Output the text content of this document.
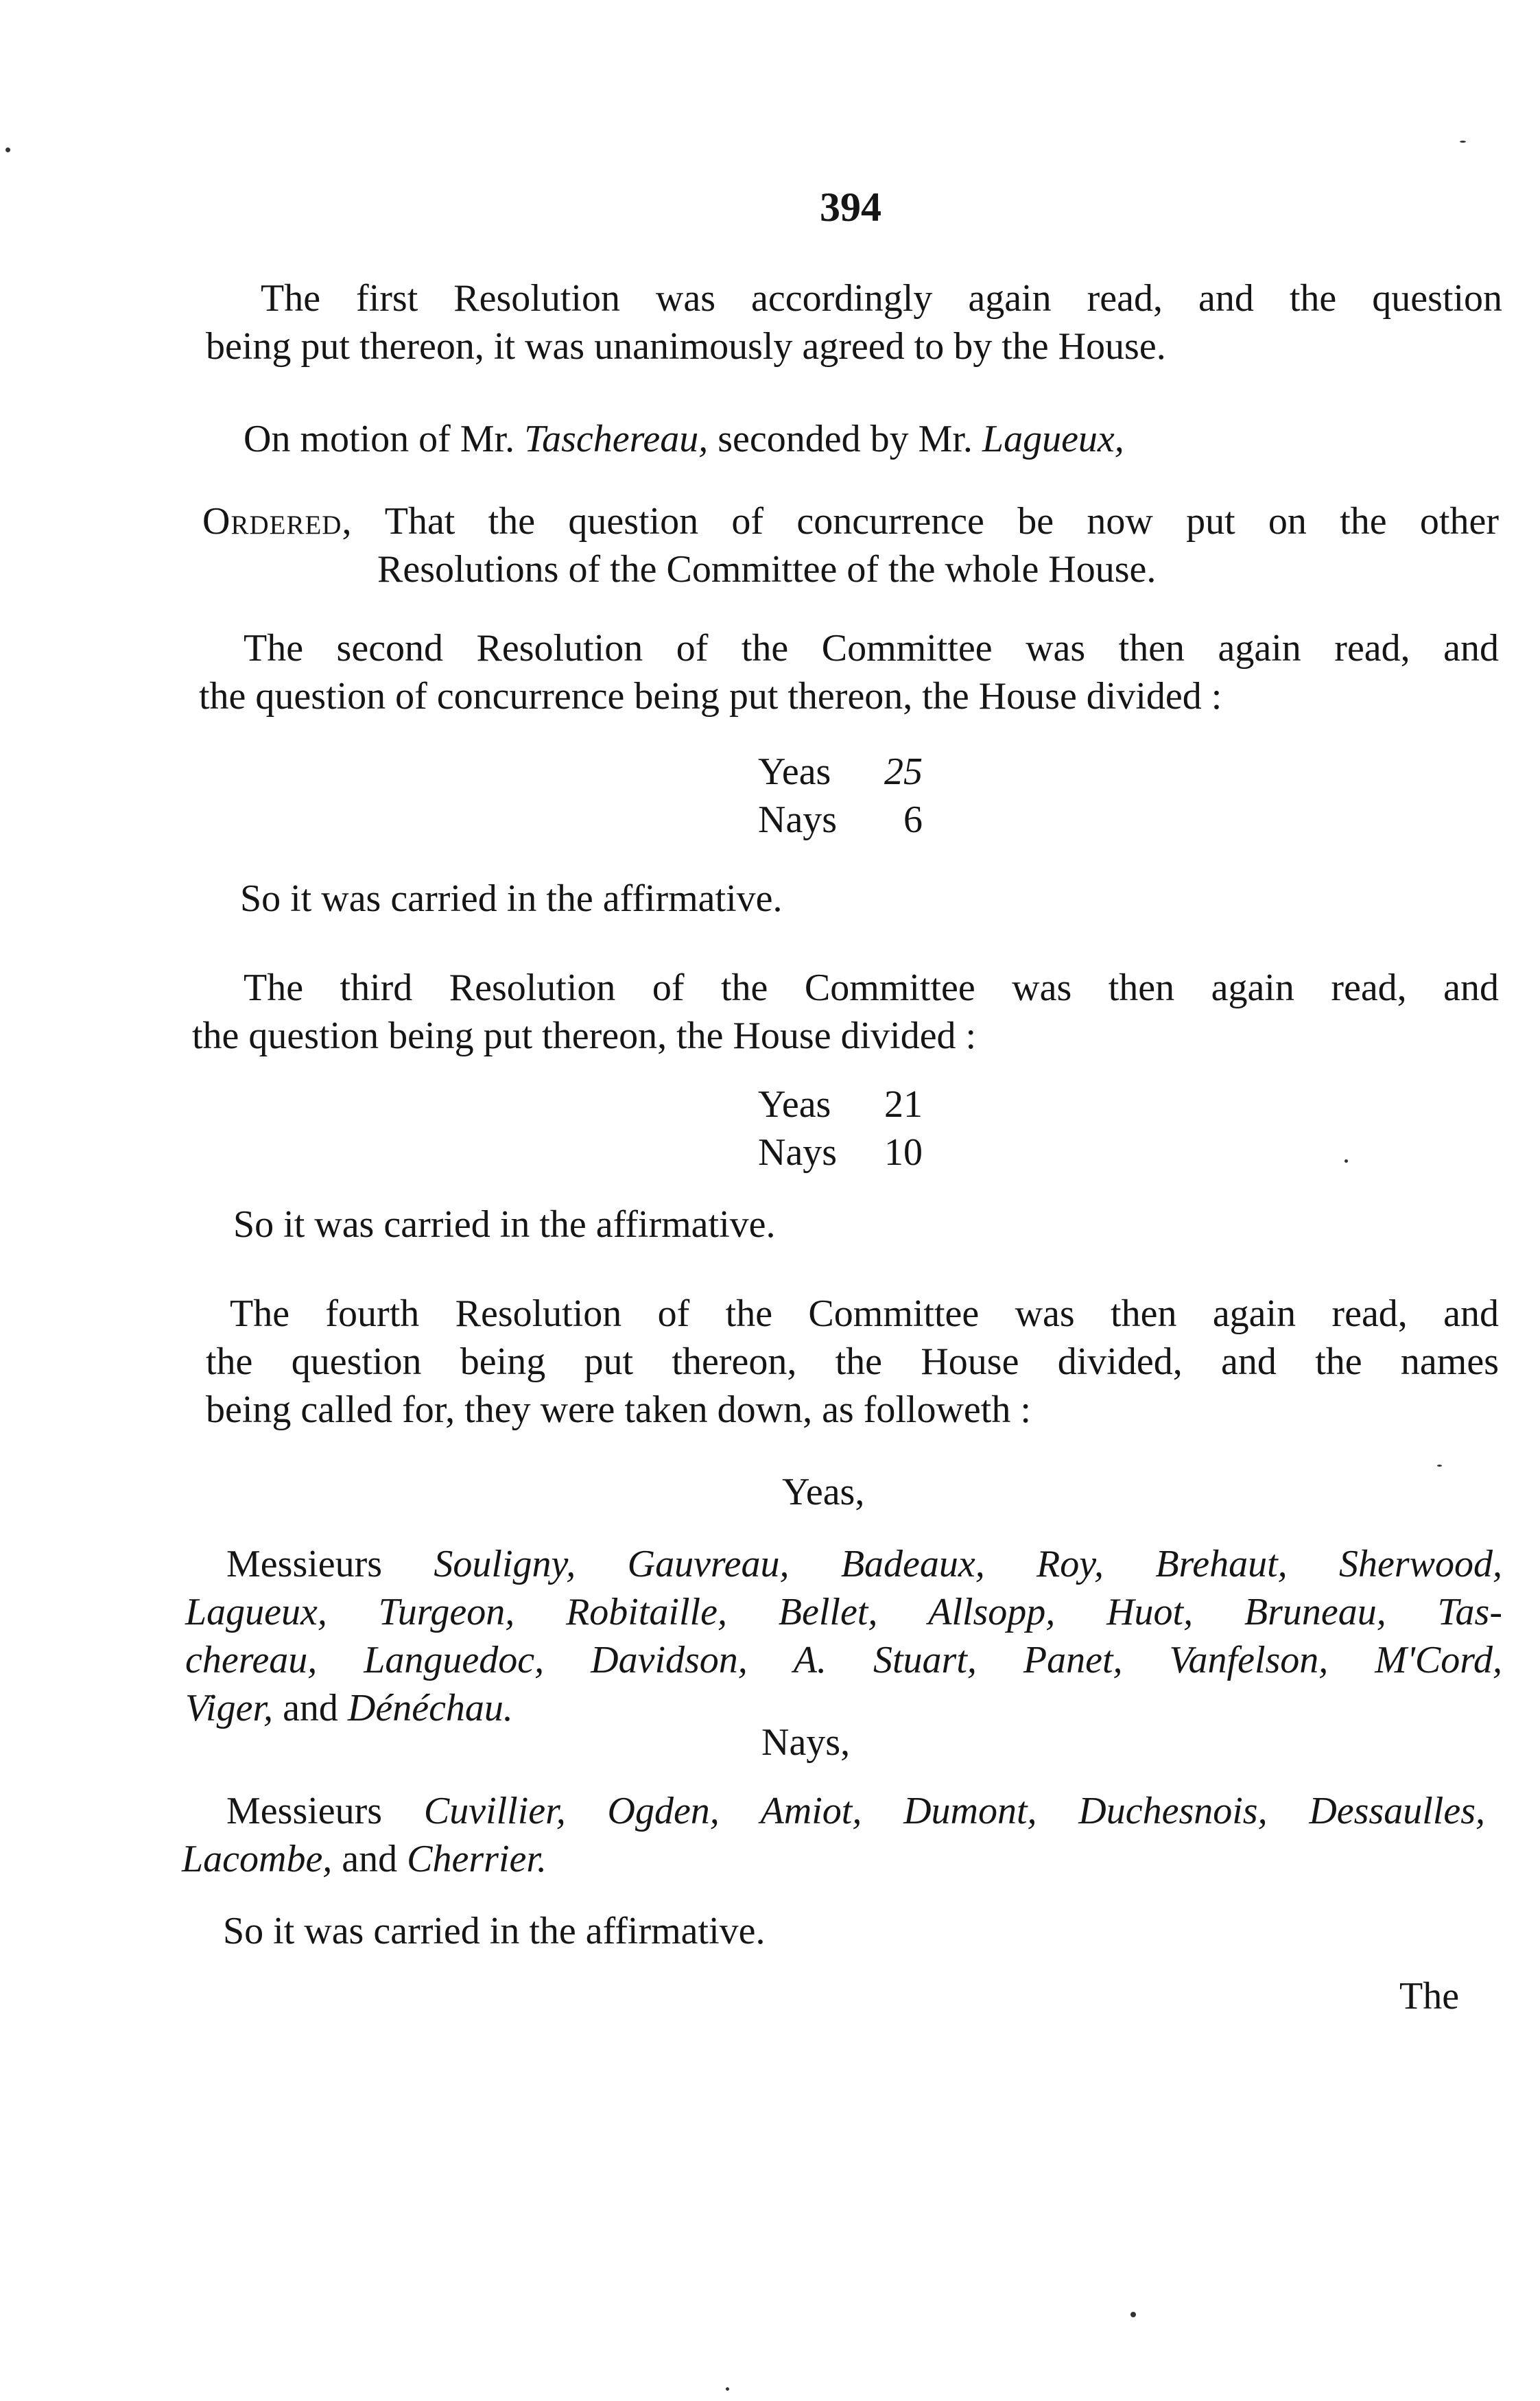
394
The first Resolution was accordingly again read, and the question
being put thereon, it was unanimously agreed to by the House.
On motion of Mr. Taschereau, seconded by Mr. Lagueux,
Ordered, That the question of concurrence be now put on the other
Resolutions of the Committee of the whole House.
The second Resolution of the Committee was then again read, and
the question of concurrence being put thereon, the House divided :
Yeas	25
Nays	6
So it was carried in the affirmative.
The third Resolution of the Committee was then again read, and
the question being put thereon, the House divided :
Yeas	21
Nays	10
So it was carried in the affirmative.
The fourth Resolution of the Committee was then again read, and
the question being put thereon, the House divided, and the names
being called for, they were taken down, as followeth :
Yeas,
Messieurs Souligny, Gauvreau, Badeaux, Roy, Brehaut, Sherwood,
Lagueux, Turgeon, Robitaille, Bellet, Allsopp, Huot, Bruneau, Tas-
chereau, Languedoc, Davidson, A. Stuart, Panet, Vanfelson, M'Cord,
Viger, and Dénéchau.
Nays,
Messieurs Cuvillier, Ogden, Amiot, Dumont, Duchesnois, Dessaulles,
Lacombe, and Cherrier.
So it was carried in the affirmative.
The
